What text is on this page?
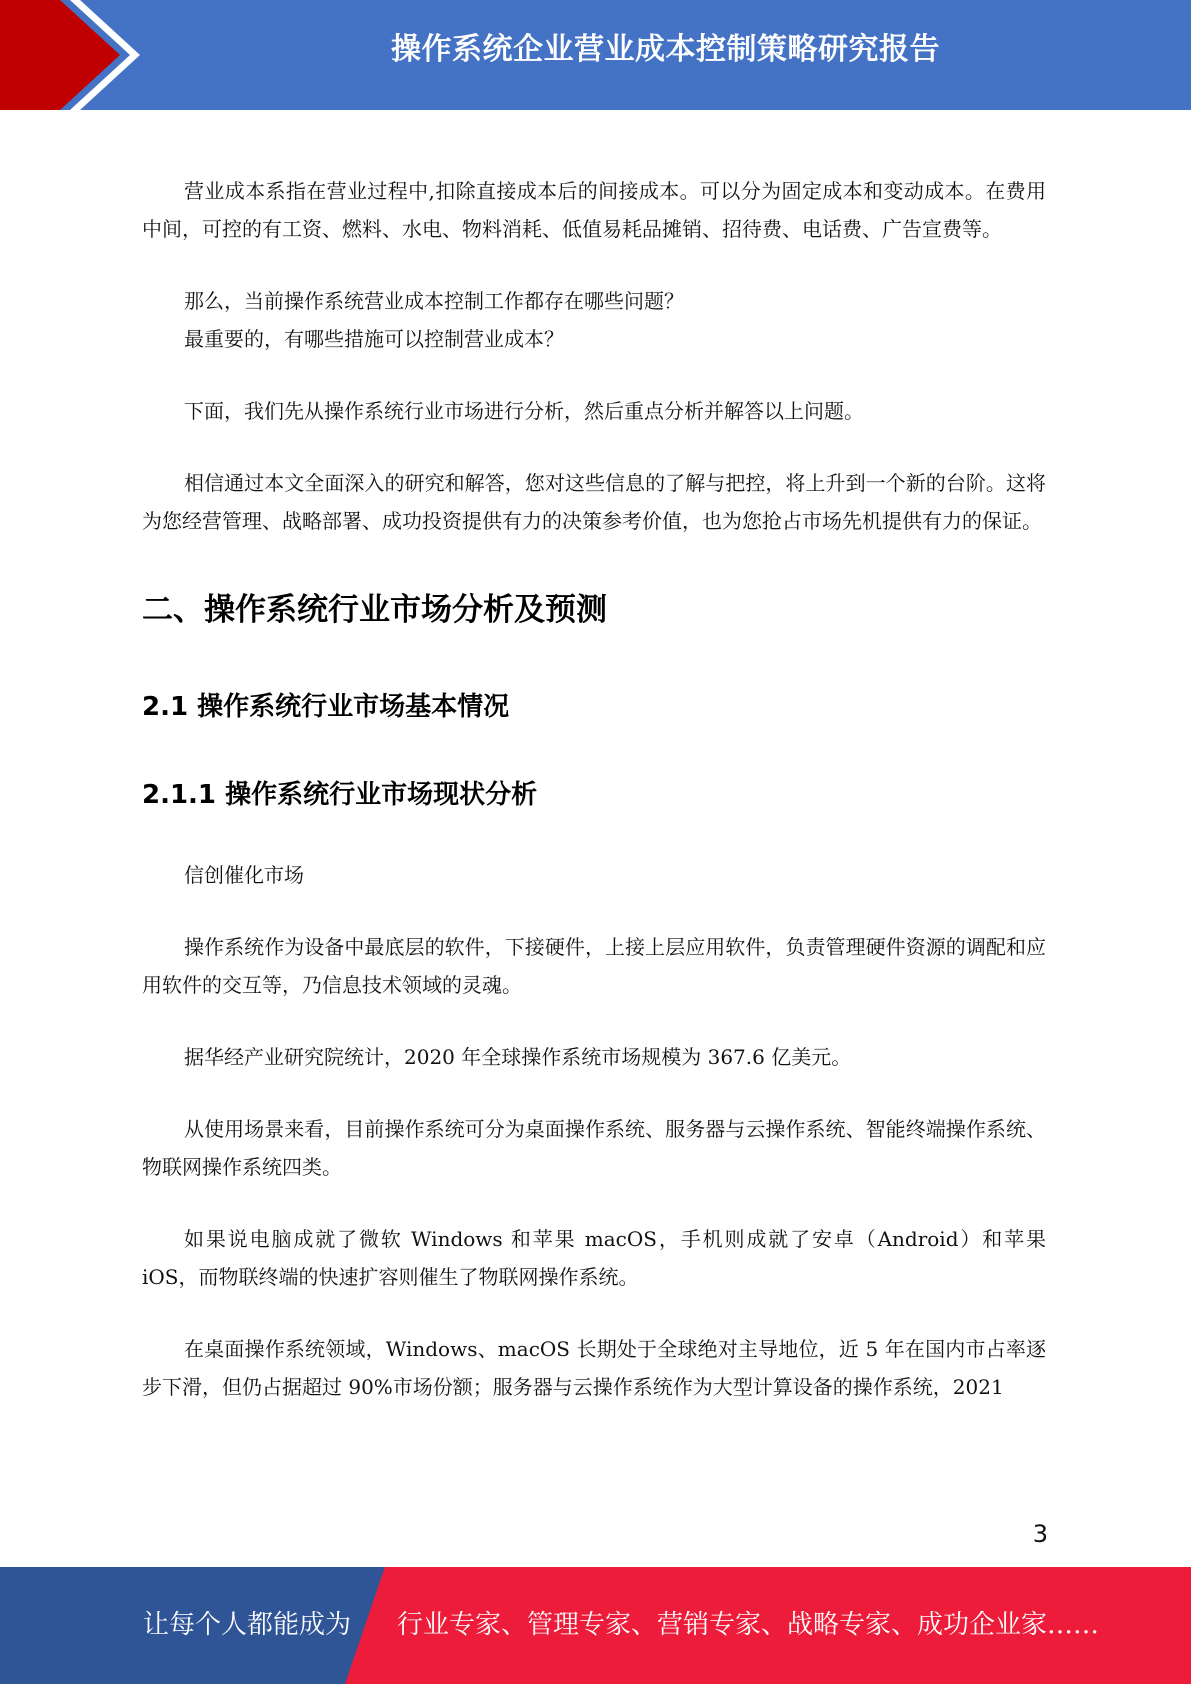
操作系统企业营业成本控制策略研究报告

营业成本系指在营业过程中,扣除直接成本后的间接成本。可以分为固定成本和变动成本。在费用中间，可控的有工资、燃料、水电、物料消耗、低值易耗品摊销、招待费、电话费、广告宣费等。

那么，当前操作系统营业成本控制工作都存在哪些问题？

最重要的，有哪些措施可以控制营业成本？

下面，我们先从操作系统行业市场进行分析，然后重点分析并解答以上问题。

相信通过本文全面深入的研究和解答，您对这些信息的了解与把控，将上升到一个新的台阶。这将为您经营管理、战略部署、成功投资提供有力的决策参考价值，也为您抢占市场先机提供有力的保证。

二、操作系统行业市场分析及预测
2.1 操作系统行业市场基本情况
2.1.1 操作系统行业市场现状分析

信创催化市场

操作系统作为设备中最底层的软件，下接硬件，上接上层应用软件，负责管理硬件资源的调配和应用软件的交互等，乃信息技术领域的灵魂。

据华经产业研究院统计，2020 年全球操作系统市场规模为 367.6 亿美元。

从使用场景来看，目前操作系统可分为桌面操作系统、服务器与云操作系统、智能终端操作系统、物联网操作系统四类。

如果说电脑成就了微软 Windows 和苹果 macOS，手机则成就了安卓（Android）和苹果 iOS，而物联终端的快速扩容则催生了物联网操作系统。

在桌面操作系统领域，Windows、macOS 长期处于全球绝对主导地位，近 5 年在国内市占率逐步下滑，但仍占据超过 90%市场份额；服务器与云操作系统作为大型计算设备的操作系统，2021

3
让每个人都能成为 行业专家、管理专家、营销专家、战略专家、成功企业家……
